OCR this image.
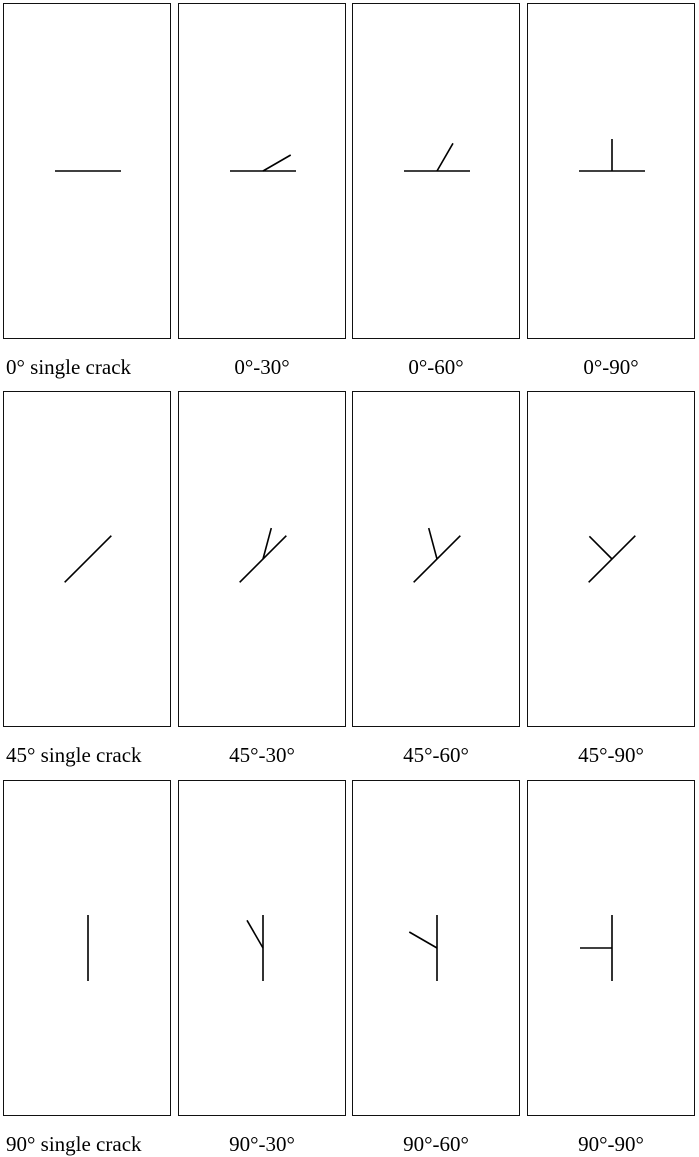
0° single crack	0°-30°	0°-60°	0°-90°
45° single crack	45°-30°	45°-60°	45°-90°
90° single crack	90°-30°	90°-60°	90°-90°
